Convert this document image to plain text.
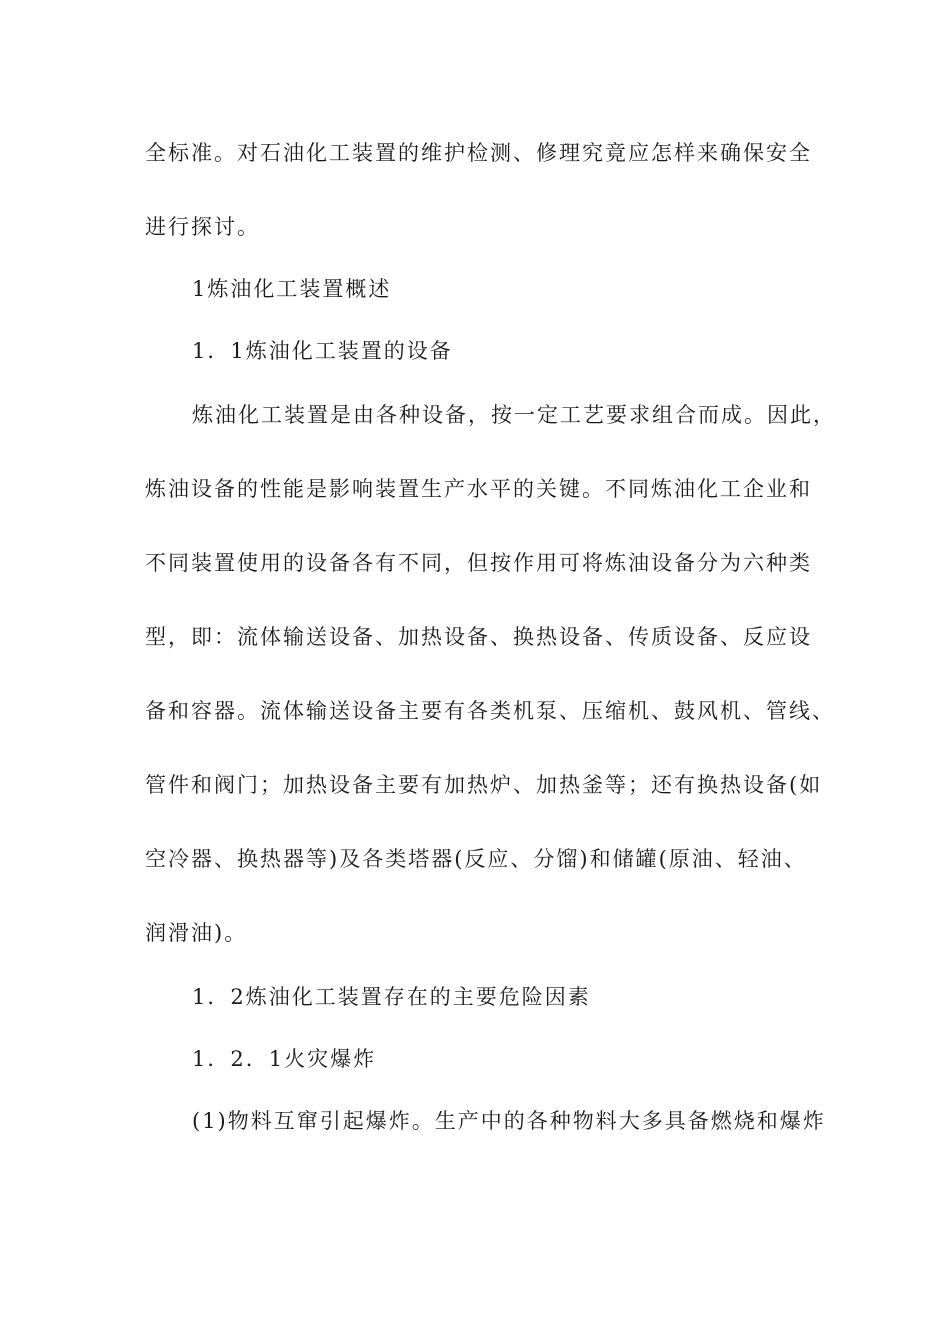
全标准。对石油化工装置的维护检测、修理究竟应怎样来确保安全
进行探讨。
1炼油化工装置概述
1．1炼油化工装置的设备
炼油化工装置是由各种设备，按一定工艺要求组合而成。因此，
炼油设备的性能是影响装置生产水平的关键。不同炼油化工企业和
不同装置使用的设备各有不同，但按作用可将炼油设备分为六种类
型，即：流体输送设备、加热设备、换热设备、传质设备、反应设
备和容器。流体输送设备主要有各类机泵、压缩机、鼓风机、管线、
管件和阀门；加热设备主要有加热炉、加热釜等；还有换热设备(如
空冷器、换热器等)及各类塔器(反应、分馏)和储罐(原油、轻油、
润滑油)。
1．2炼油化工装置存在的主要危险因素
1．2．1火灾爆炸
(1)物料互窜引起爆炸。生产中的各种物料大多具备燃烧和爆炸
